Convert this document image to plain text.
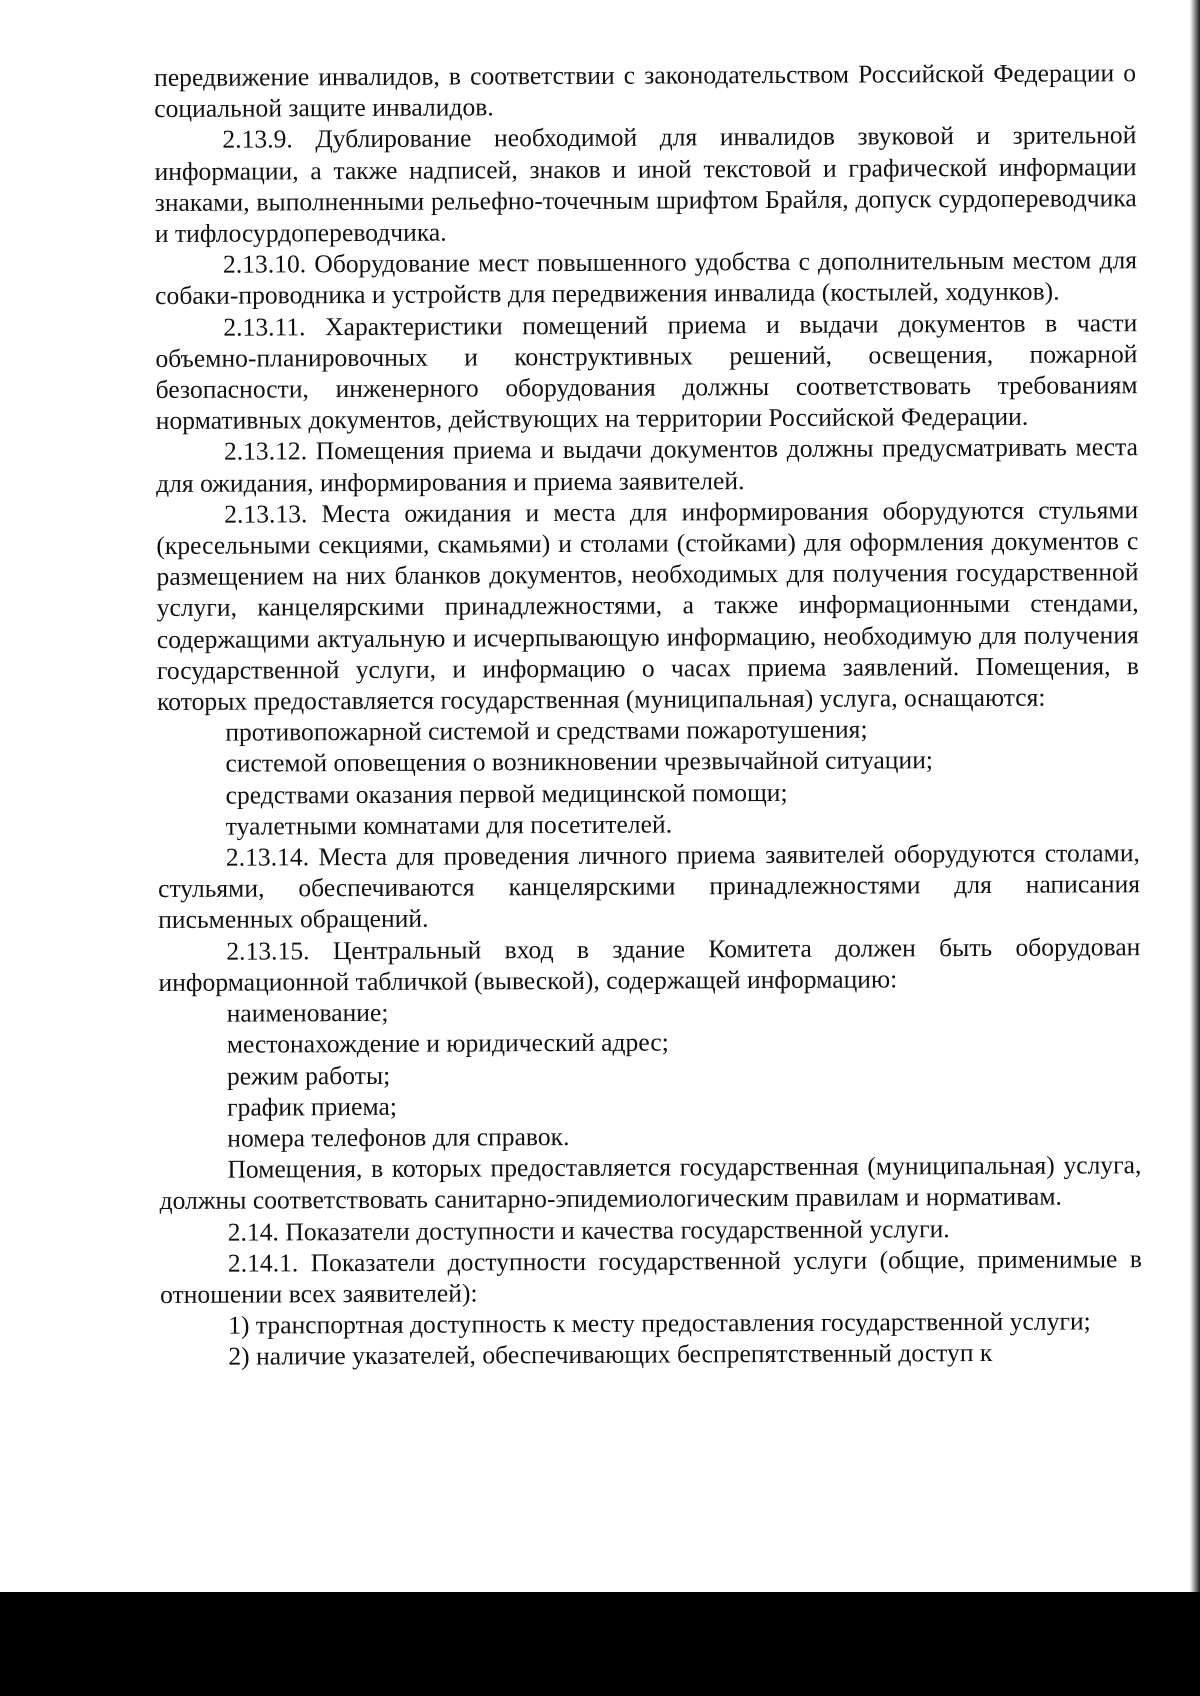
передвижение инвалидов, в соответствии с законодательством Российской Федерации о социальной защите инвалидов.

2.13.9. Дублирование необходимой для инвалидов звуковой и зрительной информации, а также надписей, знаков и иной текстовой и графической информации знаками, выполненными рельефно-точечным шрифтом Брайля, допуск сурдопереводчика и тифлосурдопереводчика.

2.13.10. Оборудование мест повышенного удобства с дополнительным местом для собаки-проводника и устройств для передвижения инвалида (костылей, ходунков).

2.13.11. Характеристики помещений приема и выдачи документов в части объемно-планировочных и конструктивных решений, освещения, пожарной безопасности, инженерного оборудования должны соответствовать требованиям нормативных документов, действующих на территории Российской Федерации.

2.13.12. Помещения приема и выдачи документов должны предусматривать места для ожидания, информирования и приема заявителей.

2.13.13. Места ожидания и места для информирования оборудуются стульями (кресельными секциями, скамьями) и столами (стойками) для оформления документов с размещением на них бланков документов, необходимых для получения государственной услуги, канцелярскими принадлежностями, а также информационными стендами, содержащими актуальную и исчерпывающую информацию, необходимую для получения государственной услуги, и информацию о часах приема заявлений. Помещения, в которых предоставляется государственная (муниципальная) услуга, оснащаются:

противопожарной системой и средствами пожаротушения;

системой оповещения о возникновении чрезвычайной ситуации;

средствами оказания первой медицинской помощи;

туалетными комнатами для посетителей.

2.13.14. Места для проведения личного приема заявителей оборудуются столами, стульями, обеспечиваются канцелярскими принадлежностями для написания письменных обращений.

2.13.15. Центральный вход в здание Комитета должен быть оборудован информационной табличкой (вывеской), содержащей информацию:

наименование;

местонахождение и юридический адрес;

режим работы;

график приема;

номера телефонов для справок.

Помещения, в которых предоставляется государственная (муниципальная) услуга, должны соответствовать санитарно-эпидемиологическим правилам и нормативам.

2.14. Показатели доступности и качества государственной услуги.

2.14.1. Показатели доступности государственной услуги (общие, применимые в отношении всех заявителей):

1) транспортная доступность к месту предоставления государственной услуги;

2) наличие указателей, обеспечивающих беспрепятственный доступ к
